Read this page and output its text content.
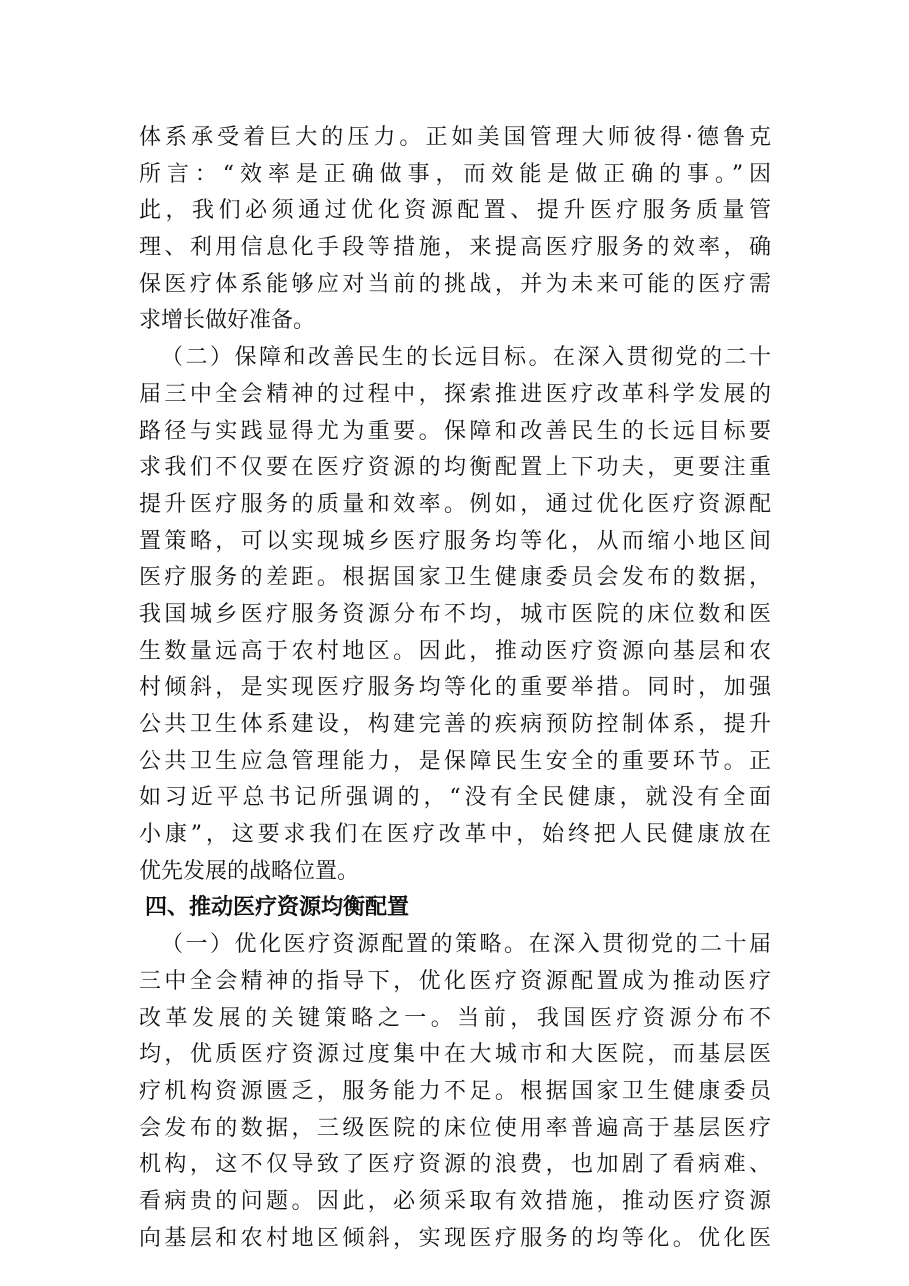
体系承受着巨大的压力。正如美国管理大师彼得·德鲁克
所言：“效率是正确做事，而效能是做正确的事。”因
此，我们必须通过优化资源配置、提升医疗服务质量管
理、利用信息化手段等措施，来提高医疗服务的效率，确
保医疗体系能够应对当前的挑战，并为未来可能的医疗需
求增长做好准备。
（二）保障和改善民生的长远目标。在深入贯彻党的二十
届三中全会精神的过程中，探索推进医疗改革科学发展的
路径与实践显得尤为重要。保障和改善民生的长远目标要
求我们不仅要在医疗资源的均衡配置上下功夫，更要注重
提升医疗服务的质量和效率。例如，通过优化医疗资源配
置策略，可以实现城乡医疗服务均等化，从而缩小地区间
医疗服务的差距。根据国家卫生健康委员会发布的数据，
我国城乡医疗服务资源分布不均，城市医院的床位数和医
生数量远高于农村地区。因此，推动医疗资源向基层和农
村倾斜，是实现医疗服务均等化的重要举措。同时，加强
公共卫生体系建设，构建完善的疾病预防控制体系，提升
公共卫生应急管理能力，是保障民生安全的重要环节。正
如习近平总书记所强调的，“没有全民健康，就没有全面
小康”，这要求我们在医疗改革中，始终把人民健康放在
优先发展的战略位置。
四、推动医疗资源均衡配置
（一）优化医疗资源配置的策略。在深入贯彻党的二十届
三中全会精神的指导下，优化医疗资源配置成为推动医疗
改革发展的关键策略之一。当前，我国医疗资源分布不
均，优质医疗资源过度集中在大城市和大医院，而基层医
疗机构资源匮乏，服务能力不足。根据国家卫生健康委员
会发布的数据，三级医院的床位使用率普遍高于基层医疗
机构，这不仅导致了医疗资源的浪费，也加剧了看病难、
看病贵的问题。因此，必须采取有效措施，推动医疗资源
向基层和农村地区倾斜，实现医疗服务的均等化。优化医
